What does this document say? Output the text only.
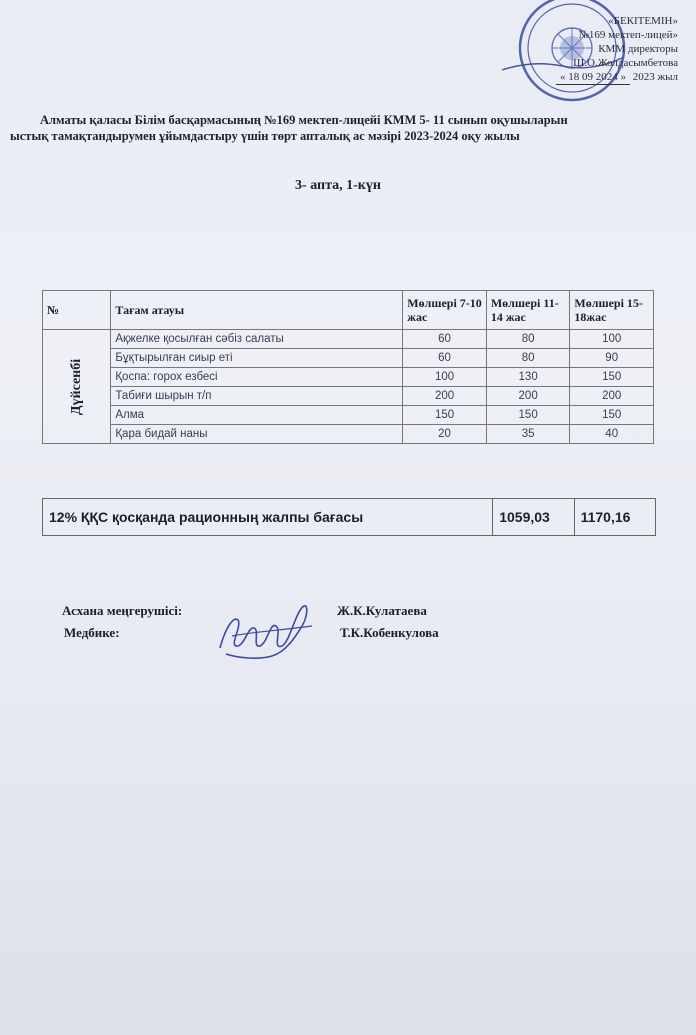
«БЕКІТЕМІН»
№169 мектеп-лицей»
КММ директоры
Ш.О.Жолдасымбетова
« 18 09 2024 » 2023 жыл
Алматы қаласы Білім басқармасының №169 мектеп-лицейі КММ 5- 11 сынып оқушыларын
ыстық тамақтандырумен ұйымдастыру үшін төрт апталық ас мәзірі 2023-2024 оқу жылы
3- апта, 1-күн
№	Тағам атауы	Мөлшері 7-10 жас	Мөлшері 11-14 жас	Мөлшері 15-18жас

Дүйсенбі	Ақжелке қосылған сәбіз салаты	60	80	100
	Бұқтырылған сиыр еті	60	80	90
	Қоспа: горох езбесі	100	130	150
	Табиғи шырын т/п	200	200	200
	Алма	150	150	150
	Қара бидай наны	20	35	40
12% ҚҚС қосқанда рационның жалпы бағасы	1059,03	1170,16
Асхана меңгерушісі:	Ж.К.Кулатаева
Медбике:	Т.К.Кобенкулова
